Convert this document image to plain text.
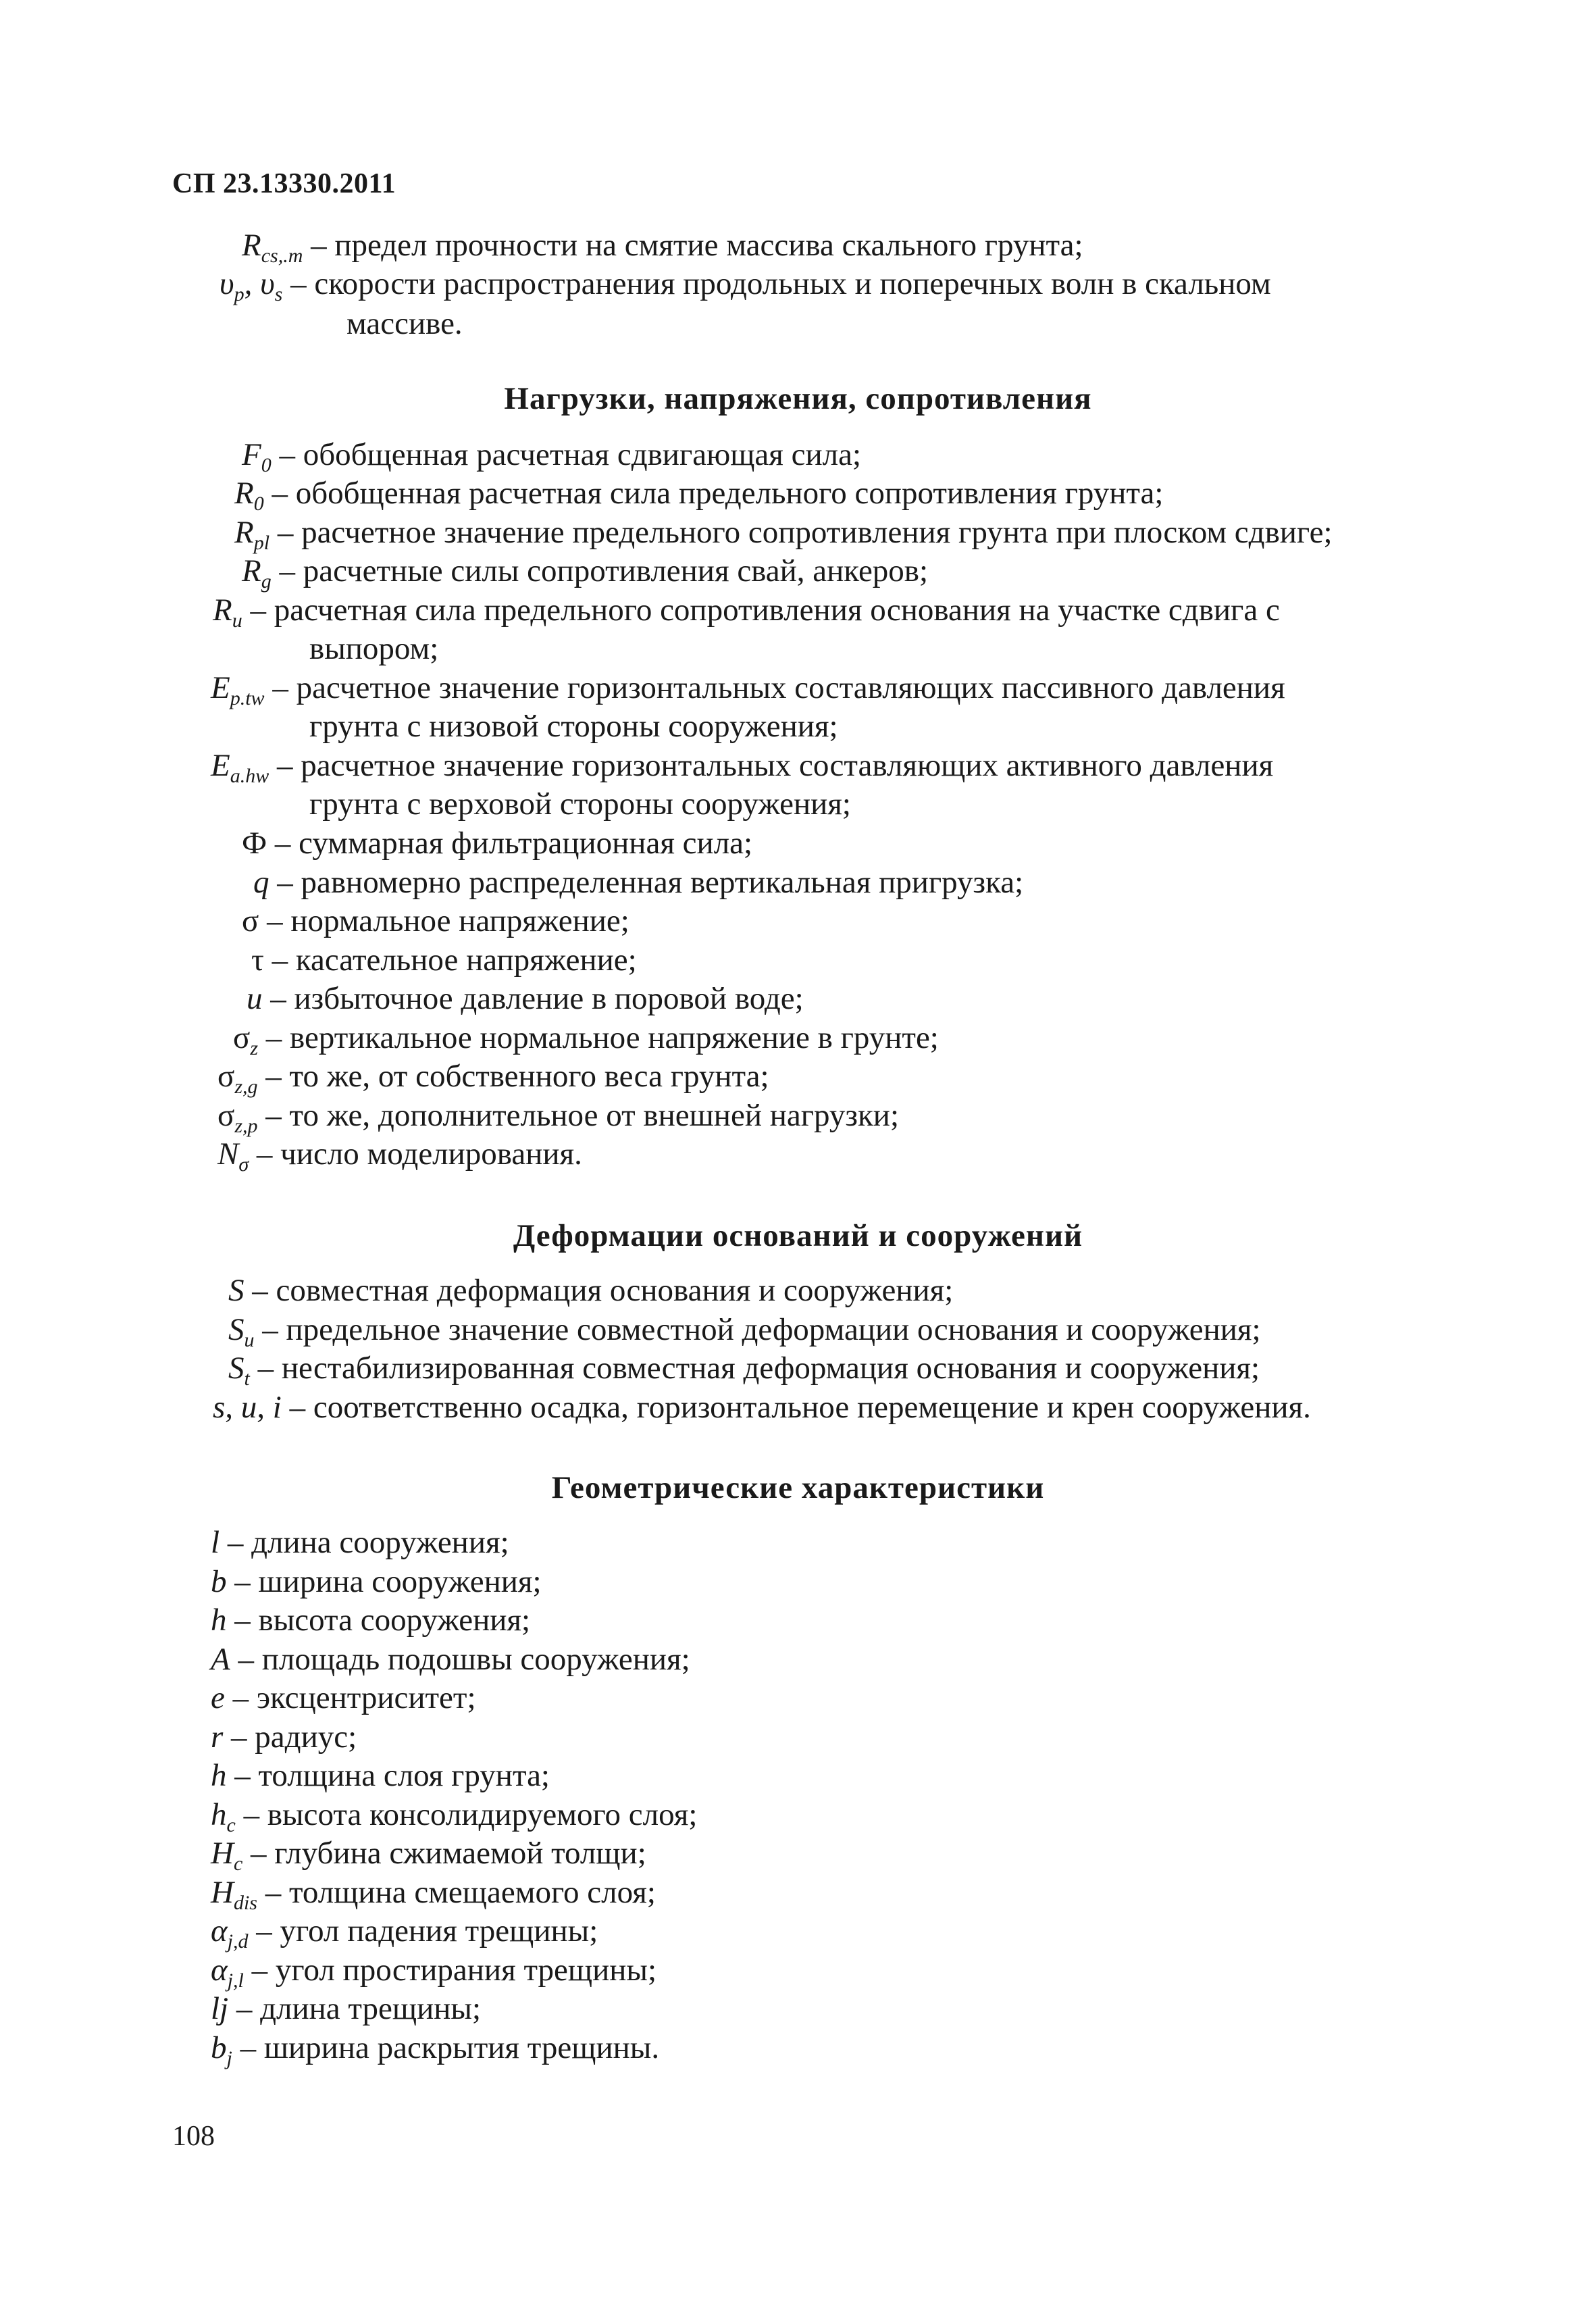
СП 23.13330.2011
$R_{cs,.m}$ – предел прочности на смятие массива скального грунта;
$\upsilon_p$, $\upsilon_s$ – скорости распространения продольных и поперечных волн в скальном
массиве.
Нагрузки, напряжения, сопротивления
$F_0$ – обобщенная расчетная сдвигающая сила;
$R_0$ – обобщенная расчетная сила предельного сопротивления грунта;
$R_{pl}$ – расчетное значение предельного сопротивления грунта при плоском сдвиге;
$R_g$ – расчетные силы сопротивления свай, анкеров;
$R_u$ – расчетная сила предельного сопротивления основания на участке сдвига с
выпором;
$E_{p.tw}$ – расчетное значение горизонтальных составляющих пассивного давления
грунта с низовой стороны сооружения;
$E_{a.hw}$ – расчетное значение горизонтальных составляющих активного давления
грунта с верховой стороны сооружения;
Ф – суммарная фильтрационная сила;
q – равномерно распределенная вертикальная пригрузка;
σ – нормальное напряжение;
τ – касательное напряжение;
u – избыточное давление в поровой воде;
$\sigma_z$ – вертикальное нормальное напряжение в грунте;
$\sigma_{z,g}$ – то же, от собственного веса грунта;
$\sigma_{z,p}$ – то же, дополнительное от внешней нагрузки;
$N_\sigma$ – число моделирования.
Деформации оснований и сооружений
S – совместная деформация основания и сооружения;
$S_u$ – предельное значение совместной деформации основания и сооружения;
$S_t$ – нестабилизированная совместная деформация основания и сооружения;
s, u, i – соответственно осадка, горизонтальное перемещение и крен сооружения.
Геометрические характеристики
l – длина сооружения;
b – ширина сооружения;
h – высота сооружения;
A – площадь подошвы сооружения;
e – эксцентриситет;
r – радиус;
h – толщина слоя грунта;
$h_c$ – высота консолидируемого слоя;
$H_c$ – глубина сжимаемой толщи;
$H_{dis}$ – толщина смещаемого слоя;
$\alpha_{j,d}$ – угол падения трещины;
$\alpha_{j,l}$ – угол простирания трещины;
lj – длина трещины;
$b_j$ – ширина раскрытия трещины.
108
